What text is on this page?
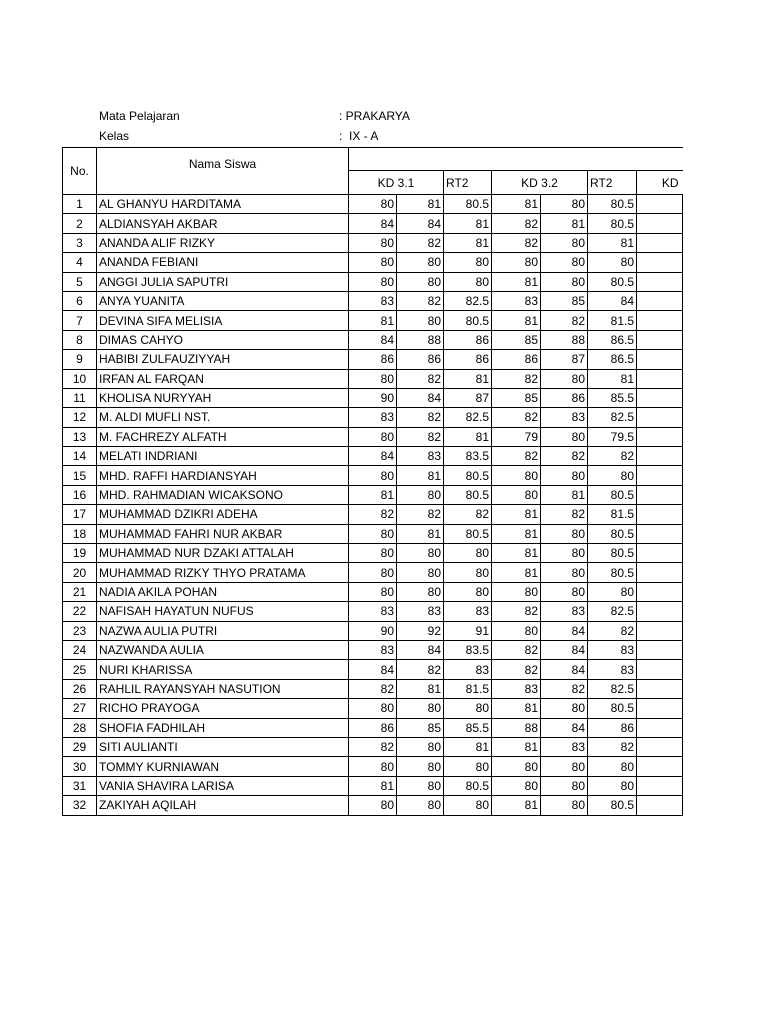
Mata Pelajaran	: PRAKARYA
Kelas	:  IX - A
No.	Nama Siswa							
		KD 3.1		RT2	KD 3.2		RT2	KD
1	AL GHANYU HARDITAMA	80	81	80.5	81	80	80.5	
2	ALDIANSYAH AKBAR	84	84	81	82	81	80.5	
3	ANANDA ALIF RIZKY	80	82	81	82	80	81	
4	ANANDA FEBIANI	80	80	80	80	80	80	
5	ANGGI JULIA SAPUTRI	80	80	80	81	80	80.5	
6	ANYA YUANITA	83	82	82.5	83	85	84	
7	DEVINA SIFA MELISIA	81	80	80.5	81	82	81.5	
8	DIMAS CAHYO	84	88	86	85	88	86.5	
9	HABIBI ZULFAUZIYYAH	86	86	86	86	87	86.5	
10	IRFAN AL FARQAN	80	82	81	82	80	81	
11	KHOLISA NURYYAH	90	84	87	85	86	85.5	
12	M. ALDI MUFLI NST.	83	82	82.5	82	83	82.5	
13	M. FACHREZY ALFATH	80	82	81	79	80	79.5	
14	MELATI INDRIANI	84	83	83.5	82	82	82	
15	MHD. RAFFI HARDIANSYAH	80	81	80.5	80	80	80	
16	MHD. RAHMADIAN WICAKSONO	81	80	80.5	80	81	80.5	
17	MUHAMMAD DZIKRI ADEHA	82	82	82	81	82	81.5	
18	MUHAMMAD FAHRI NUR AKBAR	80	81	80.5	81	80	80.5	
19	MUHAMMAD NUR DZAKI ATTALAH	80	80	80	81	80	80.5	
20	MUHAMMAD RIZKY THYO PRATAMA	80	80	80	81	80	80.5	
21	NADIA AKILA POHAN	80	80	80	80	80	80	
22	NAFISAH HAYATUN NUFUS	83	83	83	82	83	82.5	
23	NAZWA AULIA PUTRI	90	92	91	80	84	82	
24	NAZWANDA AULIA	83	84	83.5	82	84	83	
25	NURI KHARISSA	84	82	83	82	84	83	
26	RAHLIL RAYANSYAH NASUTION	82	81	81.5	83	82	82.5	
27	RICHO PRAYOGA	80	80	80	81	80	80.5	
28	SHOFIA FADHILAH	86	85	85.5	88	84	86	
29	SITI AULIANTI	82	80	81	81	83	82	
30	TOMMY KURNIAWAN	80	80	80	80	80	80	
31	VANIA SHAVIRA LARISA	81	80	80.5	80	80	80	
32	ZAKIYAH AQILAH	80	80	80	81	80	80.5	
